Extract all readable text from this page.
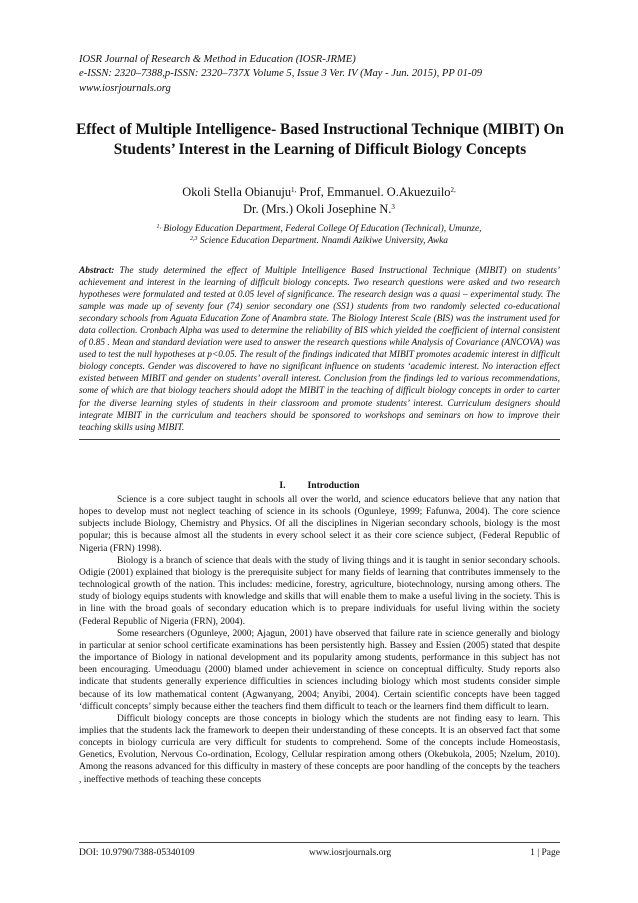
IOSR Journal of Research & Method in Education (IOSR-JRME)
e-ISSN: 2320–7388,p-ISSN: 2320–737X Volume 5, Issue 3 Ver. IV (May - Jun. 2015), PP 01-09
www.iosrjournals.org
Effect of Multiple Intelligence- Based Instructional Technique (MIBIT) On Students’ Interest in the Learning of Difficult Biology Concepts
Okoli Stella Obianuju$^{1,}$ Prof, Emmanuel. O.Akuezuilo$^{2,}$
Dr. (Mrs.) Okoli Josephine N.$^3$
$^{1,}$ Biology Education Department, Federal College Of Education (Technical), Umunze,
$^{2,3}$ Science Education Department. Nnamdi Azikiwe University, Awka
Abstract: The study determined the effect of Multiple Intelligence Based Instructional Technique (MIBIT) on students’ achievement and interest in the learning of difficult biology concepts. Two research questions were asked and two research hypotheses were formulated and tested at 0.05 level of significance. The research design was a quasi – experimental study. The sample was made up of seventy four (74) senior secondary one (SS1) students from two randomly selected co-educational secondary schools from Aguata Education Zone of Anambra state. The Biology Interest Scale (BIS) was the instrument used for data collection. Cronbach Alpha was used to determine the reliability of BIS which yielded the coefficient of internal consistent of 0.85 . Mean and standard deviation were used to answer the research questions while Analysis of Covariance (ANCOVA) was used to test the null hypotheses at p<0.05. The result of the findings indicated that MIBIT promotes academic interest in difficult biology concepts. Gender was discovered to have no significant influence on students ‘academic interest. No interaction effect existed between MIBIT and gender on students’ overall interest. Conclusion from the findings led to various recommendations, some of which are that biology teachers should adopt the MIBIT in the teaching of difficult biology concepts in order to carter for the diverse learning styles of students in their classroom and promote students’ interest. Curriculum designers should integrate MIBIT in the curriculum and teachers should be sponsored to workshops and seminars on how to improve their teaching skills using MIBIT.
I. Introduction

Science is a core subject taught in schools all over the world, and science educators believe that any nation that hopes to develop must not neglect teaching of science in its schools (Ogunleye, 1999; Fafunwa, 2004). The core science subjects include Biology, Chemistry and Physics. Of all the disciplines in Nigerian secondary schools, biology is the most popular; this is because almost all the students in every school select it as their core science subject, (Federal Republic of Nigeria (FRN) 1998).

Biology is a branch of science that deals with the study of living things and it is taught in senior secondary schools. Odigie (2001) explained that biology is the prerequisite subject for many fields of learning that contributes immensely to the technological growth of the nation. This includes: medicine, forestry, agriculture, biotechnology, nursing among others. The study of biology equips students with knowledge and skills that will enable them to make a useful living in the society. This is in line with the broad goals of secondary education which is to prepare individuals for useful living within the society (Federal Republic of Nigeria (FRN), 2004).

Some researchers (Ogunleye, 2000; Ajagun, 2001) have observed that failure rate in science generally and biology in particular at senior school certificate examinations has been persistently high. Bassey and Essien (2005) stated that despite the importance of Biology in national development and its popularity among students, performance in this subject has not been encouraging. Umeoduagu (2000) blamed under achievement in science on conceptual difficulty. Study reports also indicate that students generally experience difficulties in sciences including biology which most students consider simple because of its low mathematical content (Agwanyang, 2004; Anyibi, 2004). Certain scientific concepts have been tagged ‘difficult concepts’ simply because either the teachers find them difficult to teach or the learners find them difficult to learn.

Difficult biology concepts are those concepts in biology which the students are not finding easy to learn. This implies that the students lack the framework to deepen their understanding of these concepts. It is an observed fact that some concepts in biology curricula are very difficult for students to comprehend. Some of the concepts include Homeostasis, Genetics, Evolution, Nervous Co-ordination, Ecology, Cellular respiration among others (Okebukola, 2005; Nzelum, 2010). Among the reasons advanced for this difficulty in mastery of these concepts are poor handling of the concepts by the teachers , ineffective methods of teaching these concepts

DOI: 10.9790/7388-05340109	www.iosrjournals.org	1 | Page
